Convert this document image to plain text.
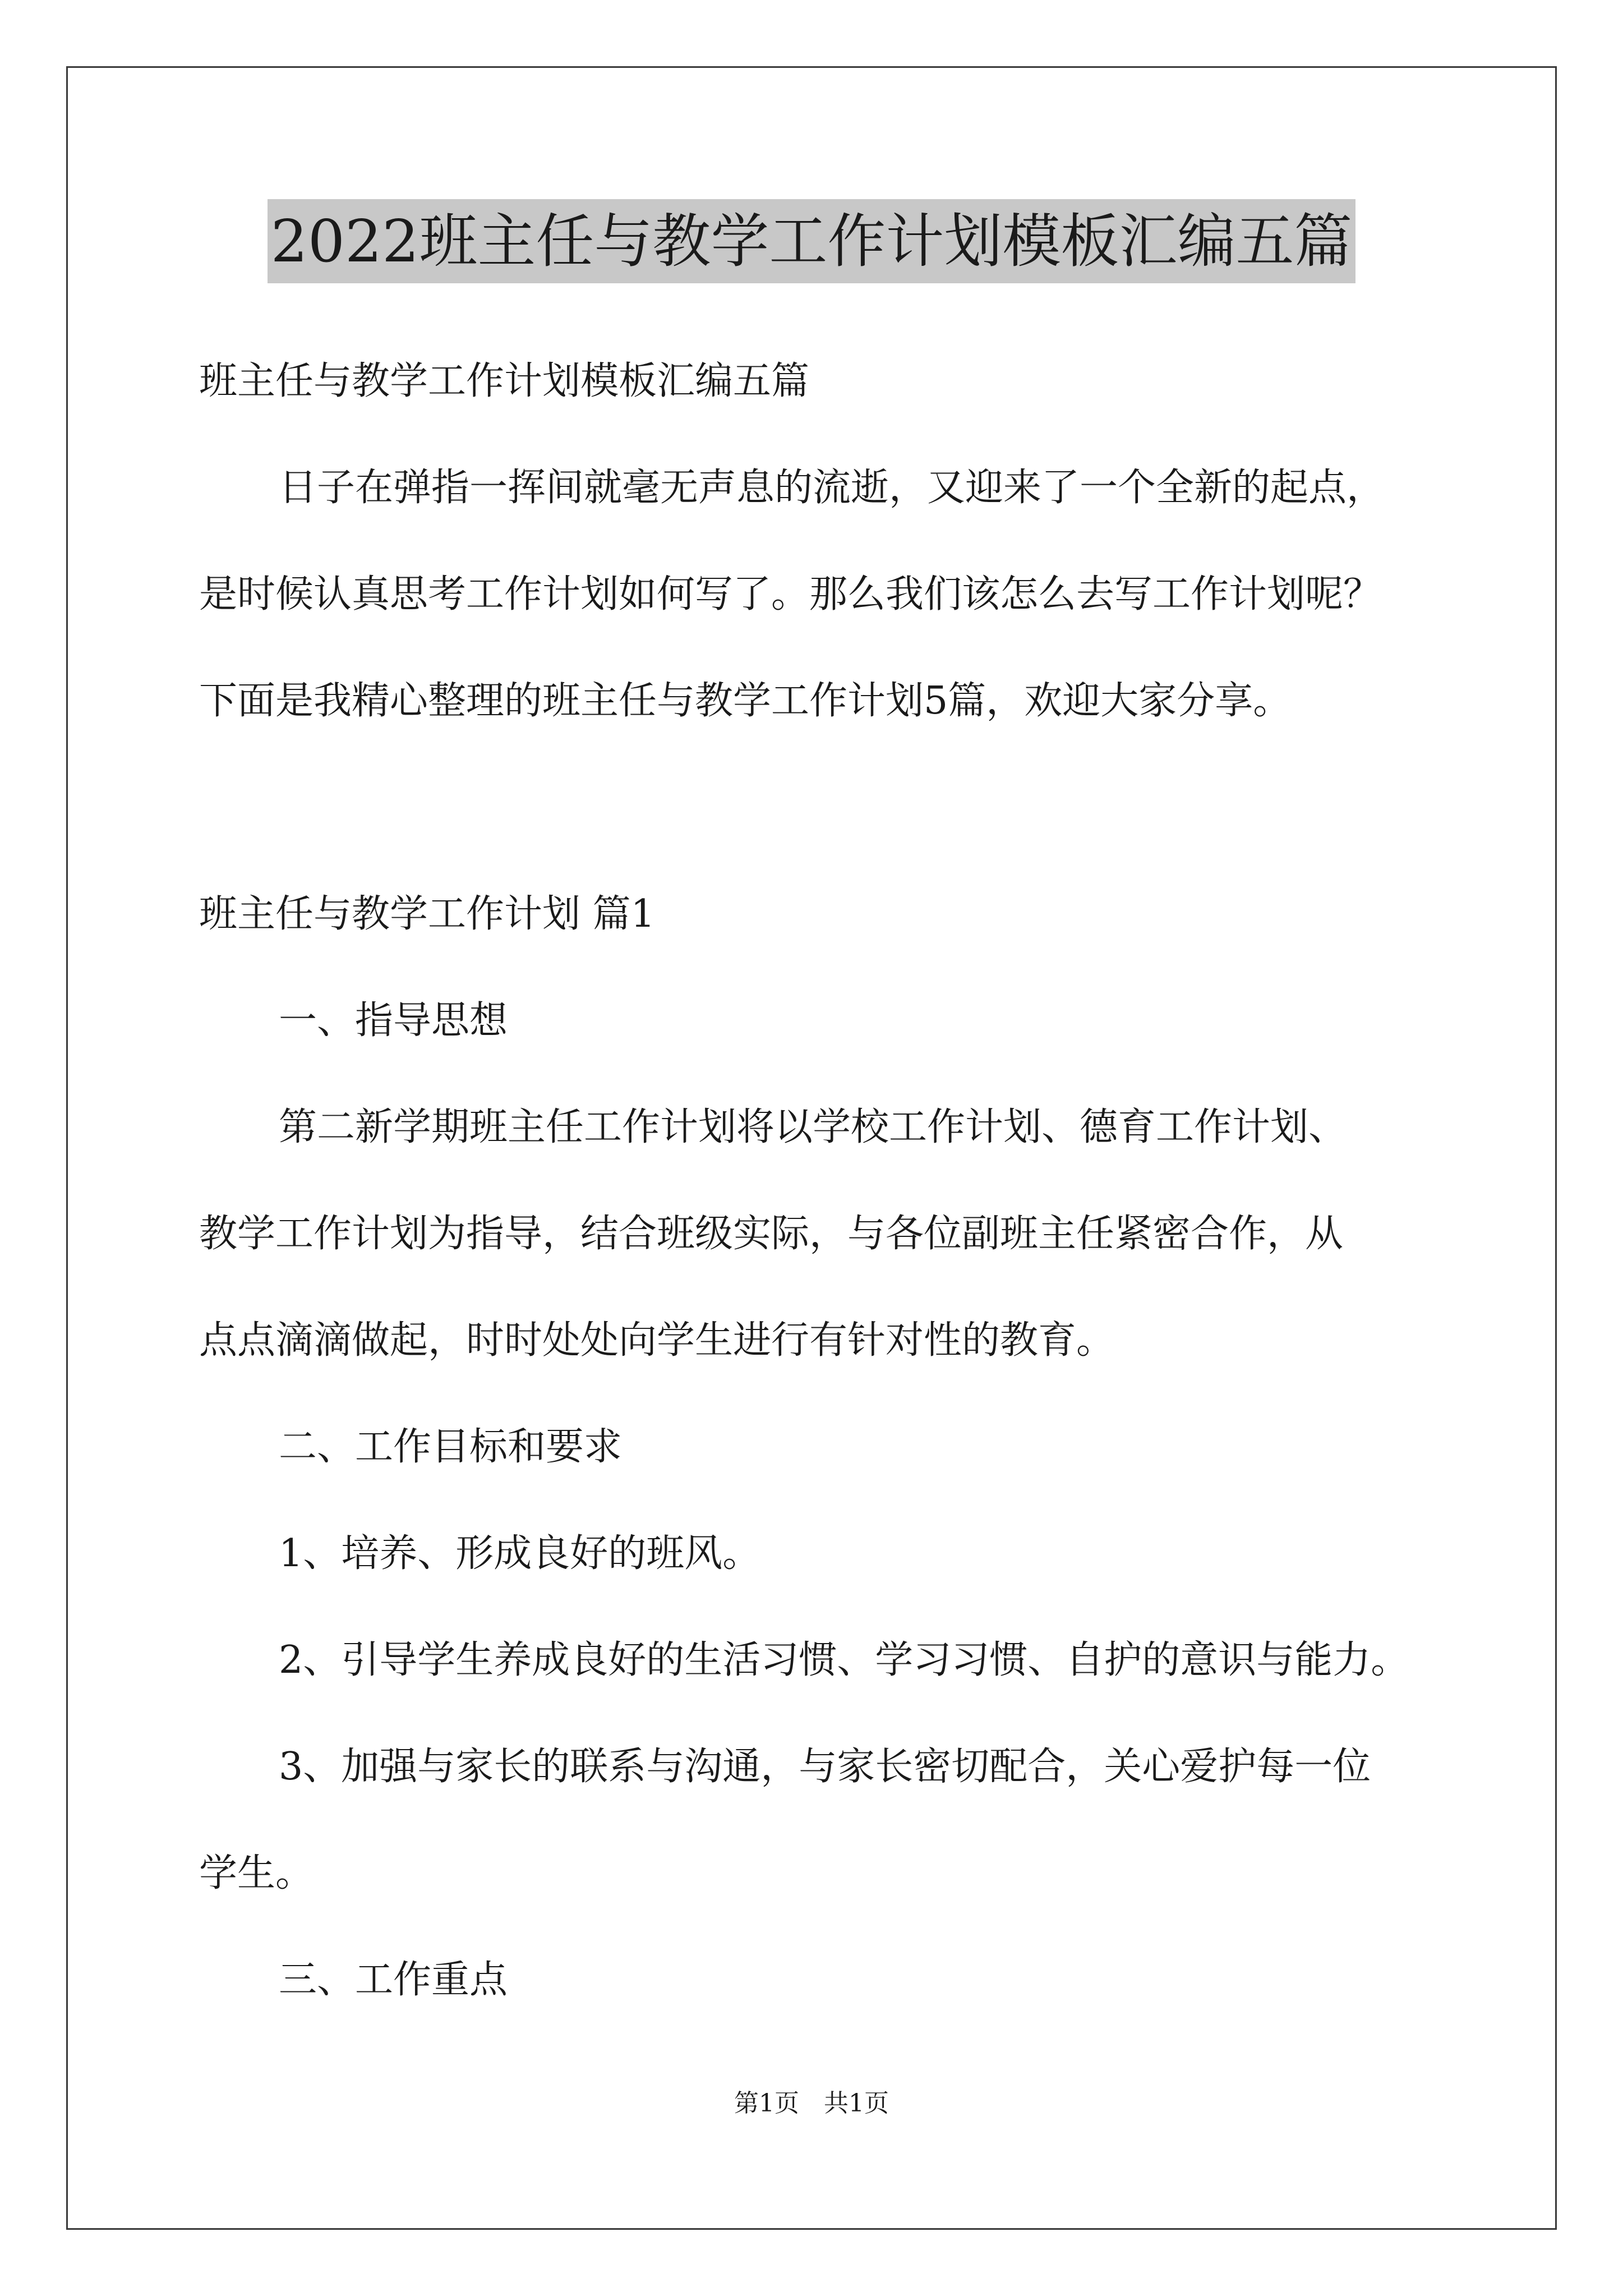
2022班主任与教学工作计划模板汇编五篇

班主任与教学工作计划模板汇编五篇

日子在弹指一挥间就毫无声息的流逝，又迎来了一个全新的起点，

是时候认真思考工作计划如何写了。那么我们该怎么去写工作计划呢？

下面是我精心整理的班主任与教学工作计划5篇，欢迎大家分享。

班主任与教学工作计划 篇1

一、指导思想

第二新学期班主任工作计划将以学校工作计划、德育工作计划、

教学工作计划为指导，结合班级实际，与各位副班主任紧密合作，从

点点滴滴做起，时时处处向学生进行有针对性的教育。

二、工作目标和要求

1、培养、形成良好的班风。

2、引导学生养成良好的生活习惯、学习习惯、自护的意识与能力。

3、加强与家长的联系与沟通，与家长密切配合，关心爱护每一位

学生。

三、工作重点

第1页　共1页
